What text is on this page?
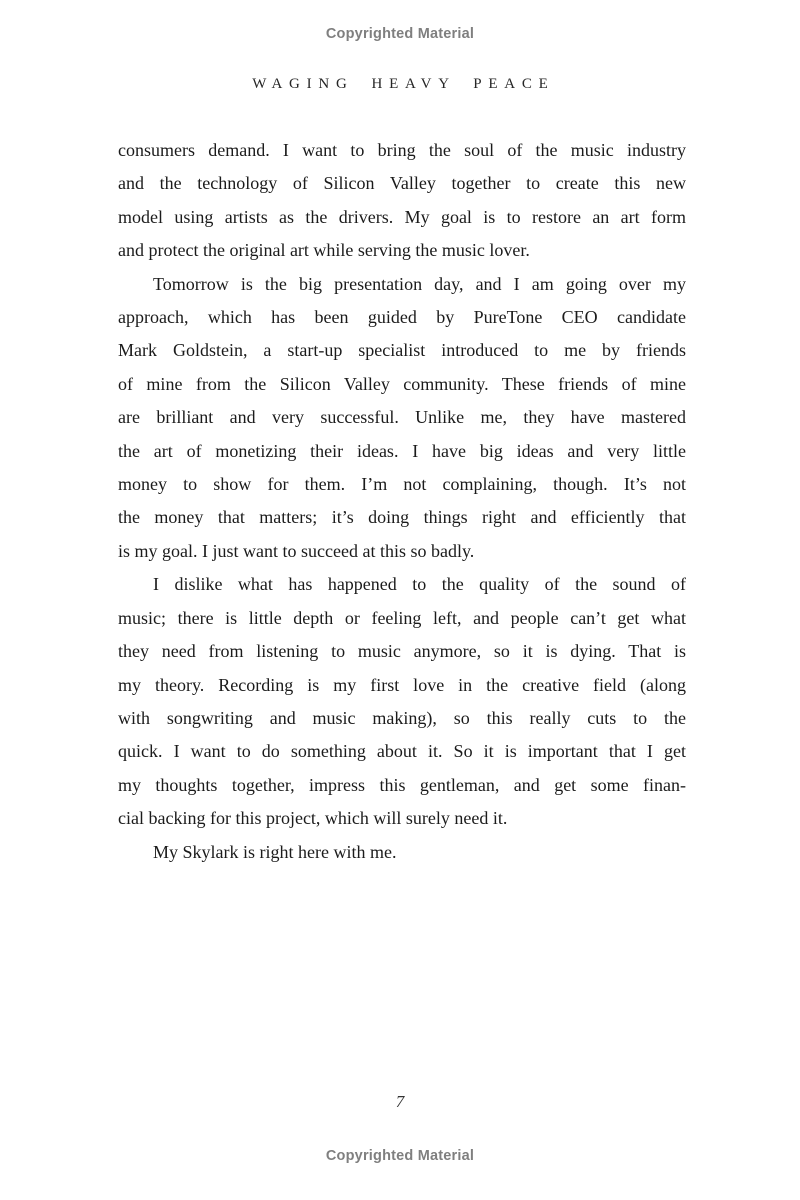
Copyrighted Material
WAGING HEAVY PEACE
consumers demand. I want to bring the soul of the music industry
and the technology of Silicon Valley together to create this new
model using artists as the drivers. My goal is to restore an art form
and protect the original art while serving the music lover.
Tomorrow is the big presentation day, and I am going over my
approach, which has been guided by PureTone CEO candidate
Mark Goldstein, a start-up specialist introduced to me by friends
of mine from the Silicon Valley community. These friends of mine
are brilliant and very successful. Unlike me, they have mastered
the art of monetizing their ideas. I have big ideas and very little
money to show for them. I’m not complaining, though. It’s not
the money that matters; it’s doing things right and efficiently that
is my goal. I just want to succeed at this so badly.
I dislike what has happened to the quality of the sound of
music; there is little depth or feeling left, and people can’t get what
they need from listening to music anymore, so it is dying. That is
my theory. Recording is my first love in the creative field (along
with songwriting and music making), so this really cuts to the
quick. I want to do something about it. So it is important that I get
my thoughts together, impress this gentleman, and get some finan-
cial backing for this project, which will surely need it.
My Skylark is right here with me.
7
Copyrighted Material
